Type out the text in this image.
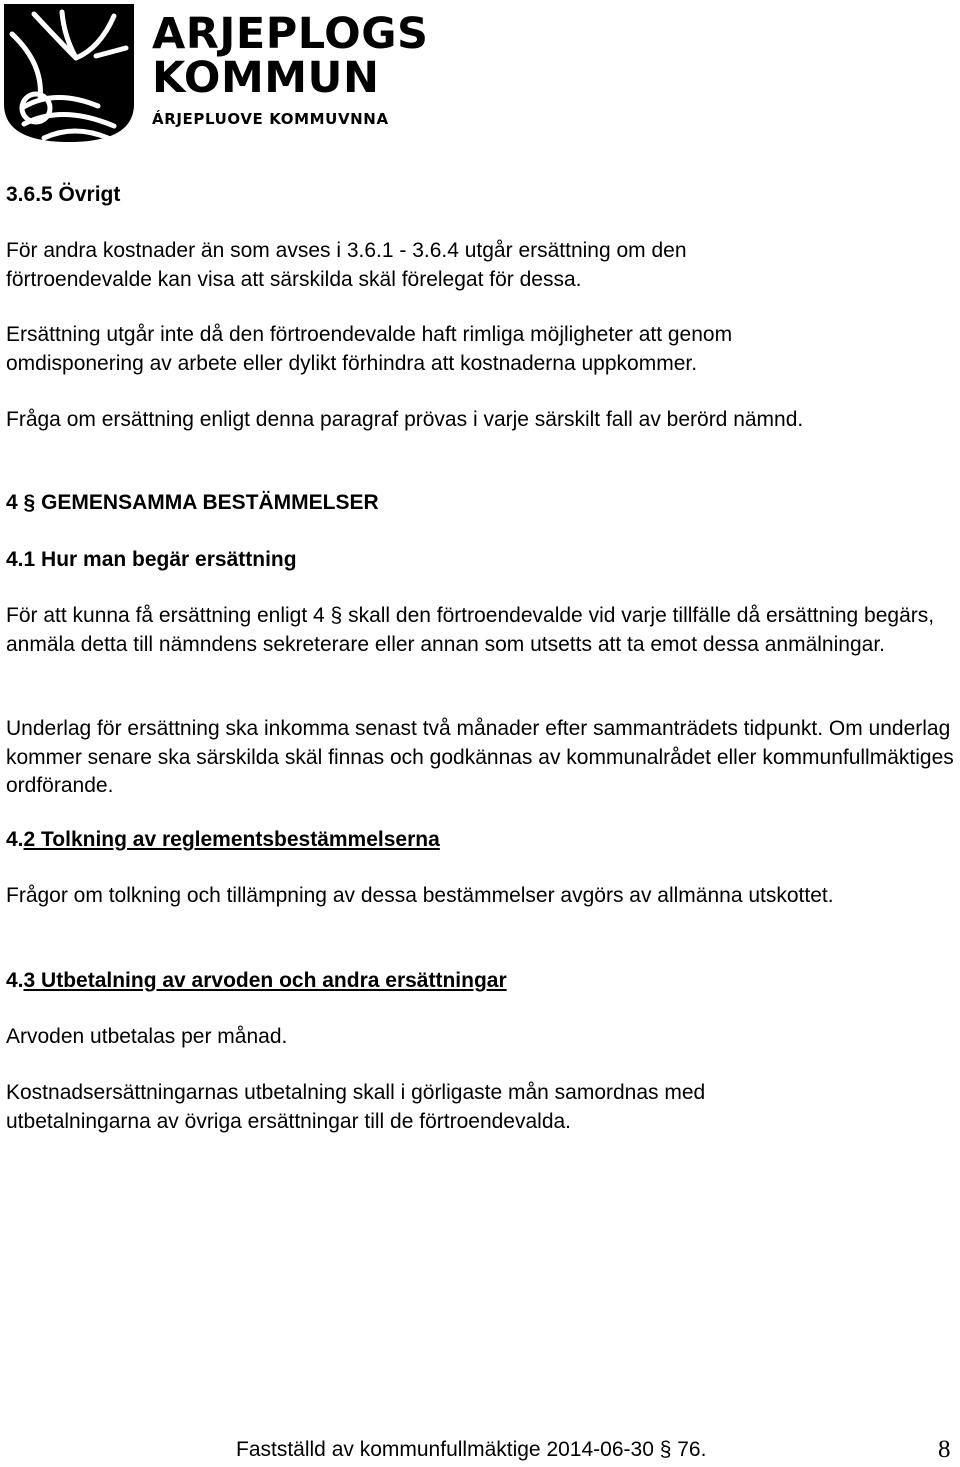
ARJEPLOGS
KOMMUN
ÁRJEPLUOVE KOMMUVNNA

3.6.5 Övrigt

För andra kostnader än som avses i 3.6.1 - 3.6.4 utgår ersättning om den förtroendevalde kan visa att särskilda skäl förelegat för dessa.

Ersättning utgår inte då den förtroendevalde haft rimliga möjligheter att genom omdisponering av arbete eller dylikt förhindra att kostnaderna uppkommer.

Fråga om ersättning enligt denna paragraf prövas i varje särskilt fall av berörd nämnd.

4 § GEMENSAMMA BESTÄMMELSER

4.1 Hur man begär ersättning

För att kunna få ersättning enligt 4 § skall den förtroendevalde vid varje tillfälle då ersättning begärs, anmäla detta till nämndens sekreterare eller annan som utsetts att ta emot dessa anmälningar.

Underlag för ersättning ska inkomma senast två månader efter sammanträdets tidpunkt. Om underlag kommer senare ska särskilda skäl finnas och godkännas av kommunalrådet eller kommunfullmäktiges ordförande.

4.2 Tolkning av reglementsbestämmelserna

Frågor om tolkning och tillämpning av dessa bestämmelser avgörs av allmänna utskottet.

4.3 Utbetalning av arvoden och andra ersättningar

Arvoden utbetalas per månad.

Kostnadsersättningarnas utbetalning skall i görligaste mån samordnas med utbetalningarna av övriga ersättningar till de förtroendevalda.

Fastställd av kommunfullmäktige 2014-06-30 § 76.	8
